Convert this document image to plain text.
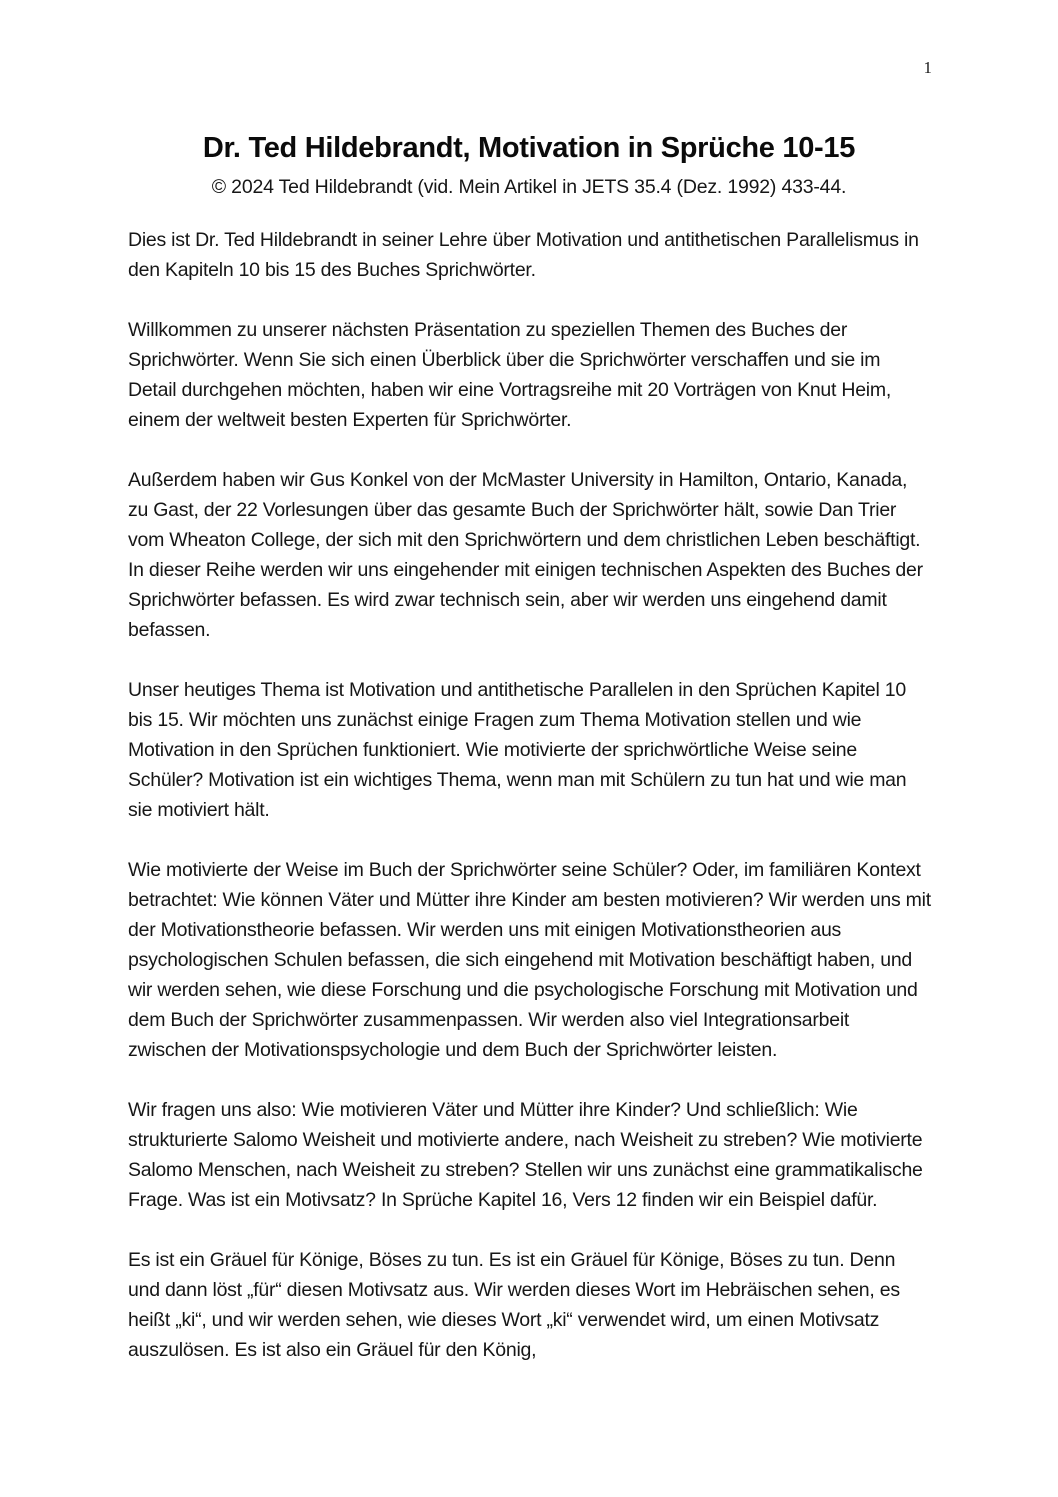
1
Dr. Ted Hildebrandt, Motivation in Sprüche 10-15
© 2024 Ted Hildebrandt (vid. Mein Artikel in JETS 35.4 (Dez. 1992) 433-44.

Dies ist Dr. Ted Hildebrandt in seiner Lehre über Motivation und antithetischen Parallelismus in den Kapiteln 10 bis 15 des Buches Sprichwörter.

Willkommen zu unserer nächsten Präsentation zu speziellen Themen des Buches der Sprichwörter. Wenn Sie sich einen Überblick über die Sprichwörter verschaffen und sie im Detail durchgehen möchten, haben wir eine Vortragsreihe mit 20 Vorträgen von Knut Heim, einem der weltweit besten Experten für Sprichwörter.

Außerdem haben wir Gus Konkel von der McMaster University in Hamilton, Ontario, Kanada, zu Gast, der 22 Vorlesungen über das gesamte Buch der Sprichwörter hält, sowie Dan Trier vom Wheaton College, der sich mit den Sprichwörtern und dem christlichen Leben beschäftigt. In dieser Reihe werden wir uns eingehender mit einigen technischen Aspekten des Buches der Sprichwörter befassen. Es wird zwar technisch sein, aber wir werden uns eingehend damit befassen.

Unser heutiges Thema ist Motivation und antithetische Parallelen in den Sprüchen Kapitel 10 bis 15. Wir möchten uns zunächst einige Fragen zum Thema Motivation stellen und wie Motivation in den Sprüchen funktioniert. Wie motivierte der sprichwörtliche Weise seine Schüler? Motivation ist ein wichtiges Thema, wenn man mit Schülern zu tun hat und wie man sie motiviert hält.

Wie motivierte der Weise im Buch der Sprichwörter seine Schüler? Oder, im familiären Kontext betrachtet: Wie können Väter und Mütter ihre Kinder am besten motivieren? Wir werden uns mit der Motivationstheorie befassen. Wir werden uns mit einigen Motivationstheorien aus psychologischen Schulen befassen, die sich eingehend mit Motivation beschäftigt haben, und wir werden sehen, wie diese Forschung und die psychologische Forschung mit Motivation und dem Buch der Sprichwörter zusammenpassen. Wir werden also viel Integrationsarbeit zwischen der Motivationspsychologie und dem Buch der Sprichwörter leisten.

Wir fragen uns also: Wie motivieren Väter und Mütter ihre Kinder? Und schließlich: Wie strukturierte Salomo Weisheit und motivierte andere, nach Weisheit zu streben? Wie motivierte Salomo Menschen, nach Weisheit zu streben? Stellen wir uns zunächst eine grammatikalische Frage. Was ist ein Motivsatz? In Sprüche Kapitel 16, Vers 12 finden wir ein Beispiel dafür.

Es ist ein Gräuel für Könige, Böses zu tun. Es ist ein Gräuel für Könige, Böses zu tun. Denn und dann löst „für“ diesen Motivsatz aus. Wir werden dieses Wort im Hebräischen sehen, es heißt „ki“, und wir werden sehen, wie dieses Wort „ki“ verwendet wird, um einen Motivsatz auszulösen. Es ist also ein Gräuel für den König,
